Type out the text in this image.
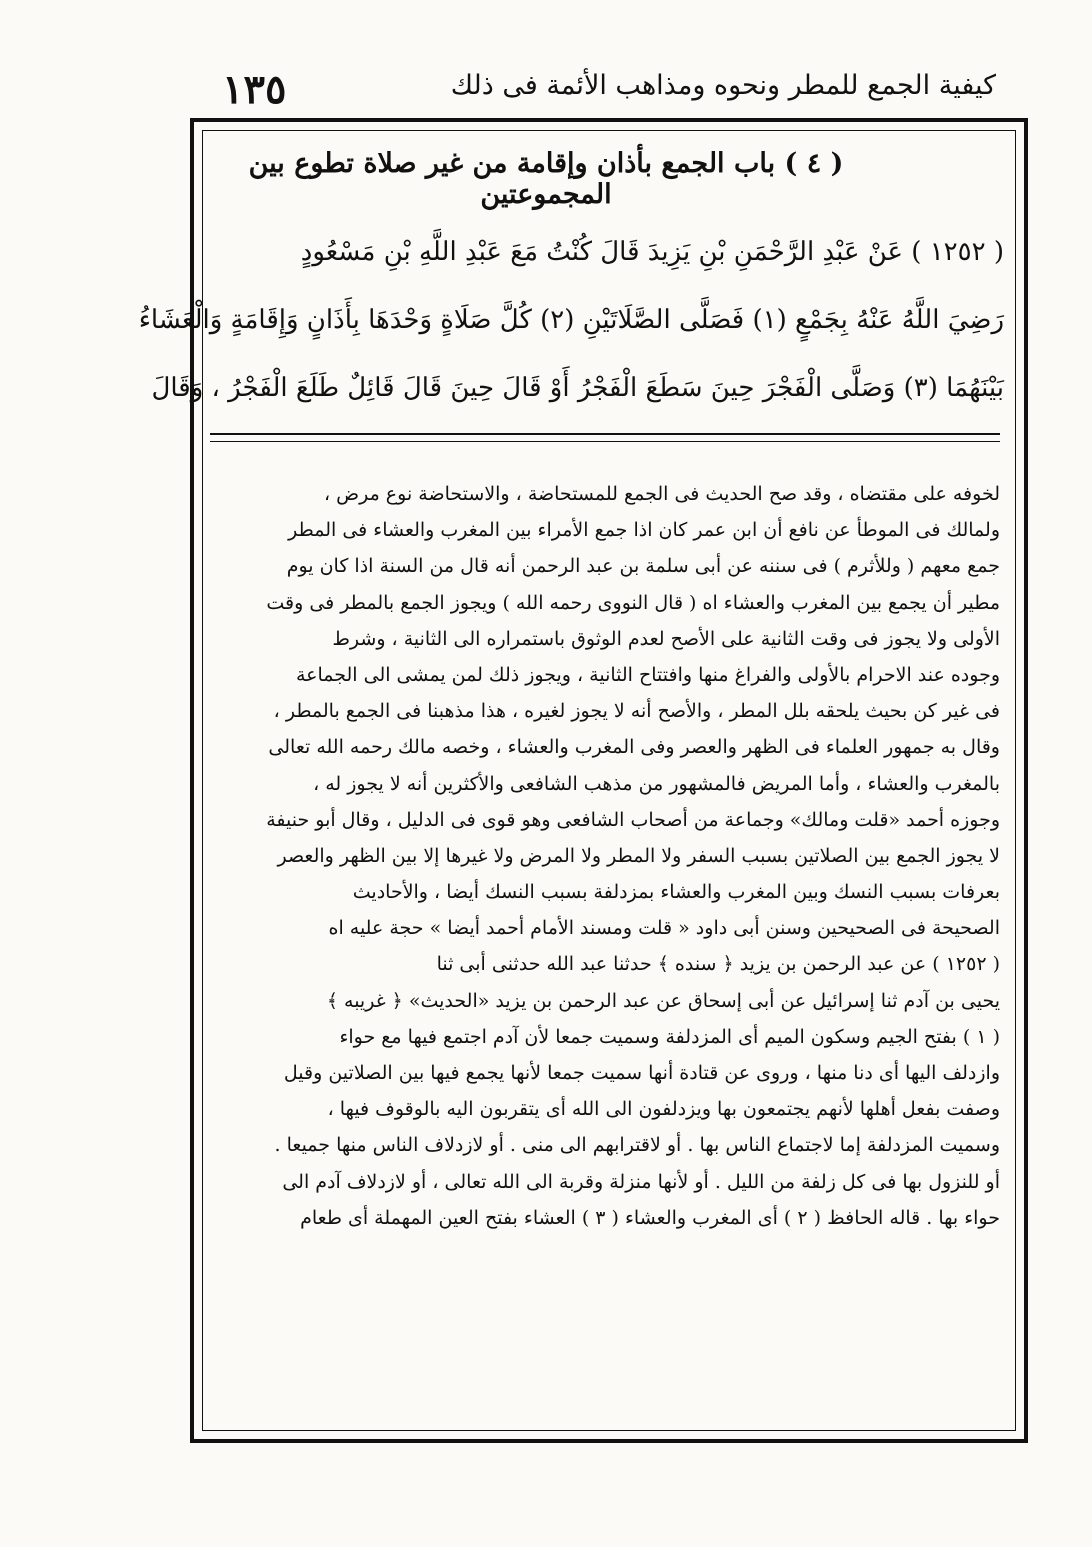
١٣٥	كيفية الجمع للمطر ونحوه ومذاهب الأئمة فى ذلك
( ٤ ) باب الجمع بأذان وإقامة من غير صلاة تطوع بين المجموعتين
( ١٢٥٢ ) عَنْ عَبْدِ الرَّحْمَنِ بْنِ يَزِيدَ قَالَ كُنْتُ مَعَ عَبْدِ اللَّهِ بْنِ مَسْعُودٍ
رَضِيَ اللَّهُ عَنْهُ بِجَمْعٍ (١) فَصَلَّى الصَّلَاتَيْنِ (٢) كُلَّ صَلَاةٍ وَحْدَهَا بِأَذَانٍ وَإِقَامَةٍ وَالْعَشَاءُ
بَيْنَهُمَا (٣) وَصَلَّى الْفَجْرَ حِينَ سَطَعَ الْفَجْرُ أَوْ قَالَ حِينَ قَالَ قَائِلٌ طَلَعَ الْفَجْرُ ، وَقَالَ
لخوفه على مقتضاه ، وقد صح الحديث فى الجمع للمستحاضة ، والاستحاضة نوع مرض ،
ولمالك فى الموطأ عن نافع أن ابن عمر كان اذا جمع الأمراء بين المغرب والعشاء فى المطر
جمع معهم ( وللأثرم ) فى سننه عن أبى سلمة بن عبد الرحمن أنه قال من السنة اذا كان يوم
مطير أن يجمع بين المغرب والعشاء اه ( قال النووى رحمه الله ) ويجوز الجمع بالمطر فى وقت
الأولى ولا يجوز فى وقت الثانية على الأصح لعدم الوثوق باستمراره الى الثانية ، وشرط
وجوده عند الاحرام بالأولى والفراغ منها وافتتاح الثانية ، ويجوز ذلك لمن يمشى الى الجماعة
فى غير كن بحيث يلحقه بلل المطر ، والأصح أنه لا يجوز لغيره ، هذا مذهبنا فى الجمع بالمطر ،
وقال به جمهور العلماء فى الظهر والعصر وفى المغرب والعشاء ، وخصه مالك رحمه الله تعالى
بالمغرب والعشاء ، وأما المريض فالمشهور من مذهب الشافعى والأكثرين أنه لا يجوز له ،
وجوزه أحمد «قلت ومالك» وجماعة من أصحاب الشافعى وهو قوى فى الدليل ، وقال أبو حنيفة
لا يجوز الجمع بين الصلاتين بسبب السفر ولا المطر ولا المرض ولا غيرها إلا بين الظهر والعصر
بعرفات بسبب النسك وبين المغرب والعشاء بمزدلفة بسبب النسك أيضا ، والأحاديث
الصحيحة فى الصحيحين وسنن أبى داود « قلت ومسند الأمام أحمد أيضا » حجة عليه اه
( ١٢٥٢ ) عن عبد الرحمن بن يزيد ﴿ سنده ﴾ حدثنا عبد الله حدثنى أبى ثنا
يحيى بن آدم ثنا إسرائيل عن أبى إسحاق عن عبد الرحمن بن يزيد «الحديث» ﴿ غريبه ﴾
( ١ ) بفتح الجيم وسكون الميم أى المزدلفة وسميت جمعا لأن آدم اجتمع فيها مع حواء
وازدلف اليها أى دنا منها ، وروى عن قتادة أنها سميت جمعا لأنها يجمع فيها بين الصلاتين وقيل
وصفت بفعل أهلها لأنهم يجتمعون بها ويزدلفون الى الله أى يتقربون اليه بالوقوف فيها ،
وسميت المزدلفة إما لاجتماع الناس بها . أو لاقترابهم الى منى . أو لازدلاف الناس منها جميعا .
أو للنزول بها فى كل زلفة من الليل . أو لأنها منزلة وقربة الى الله تعالى ، أو لازدلاف آدم الى
حواء بها . قاله الحافظ ( ٢ ) أى المغرب والعشاء ( ٣ ) العشاء بفتح العين المهملة أى طعام
